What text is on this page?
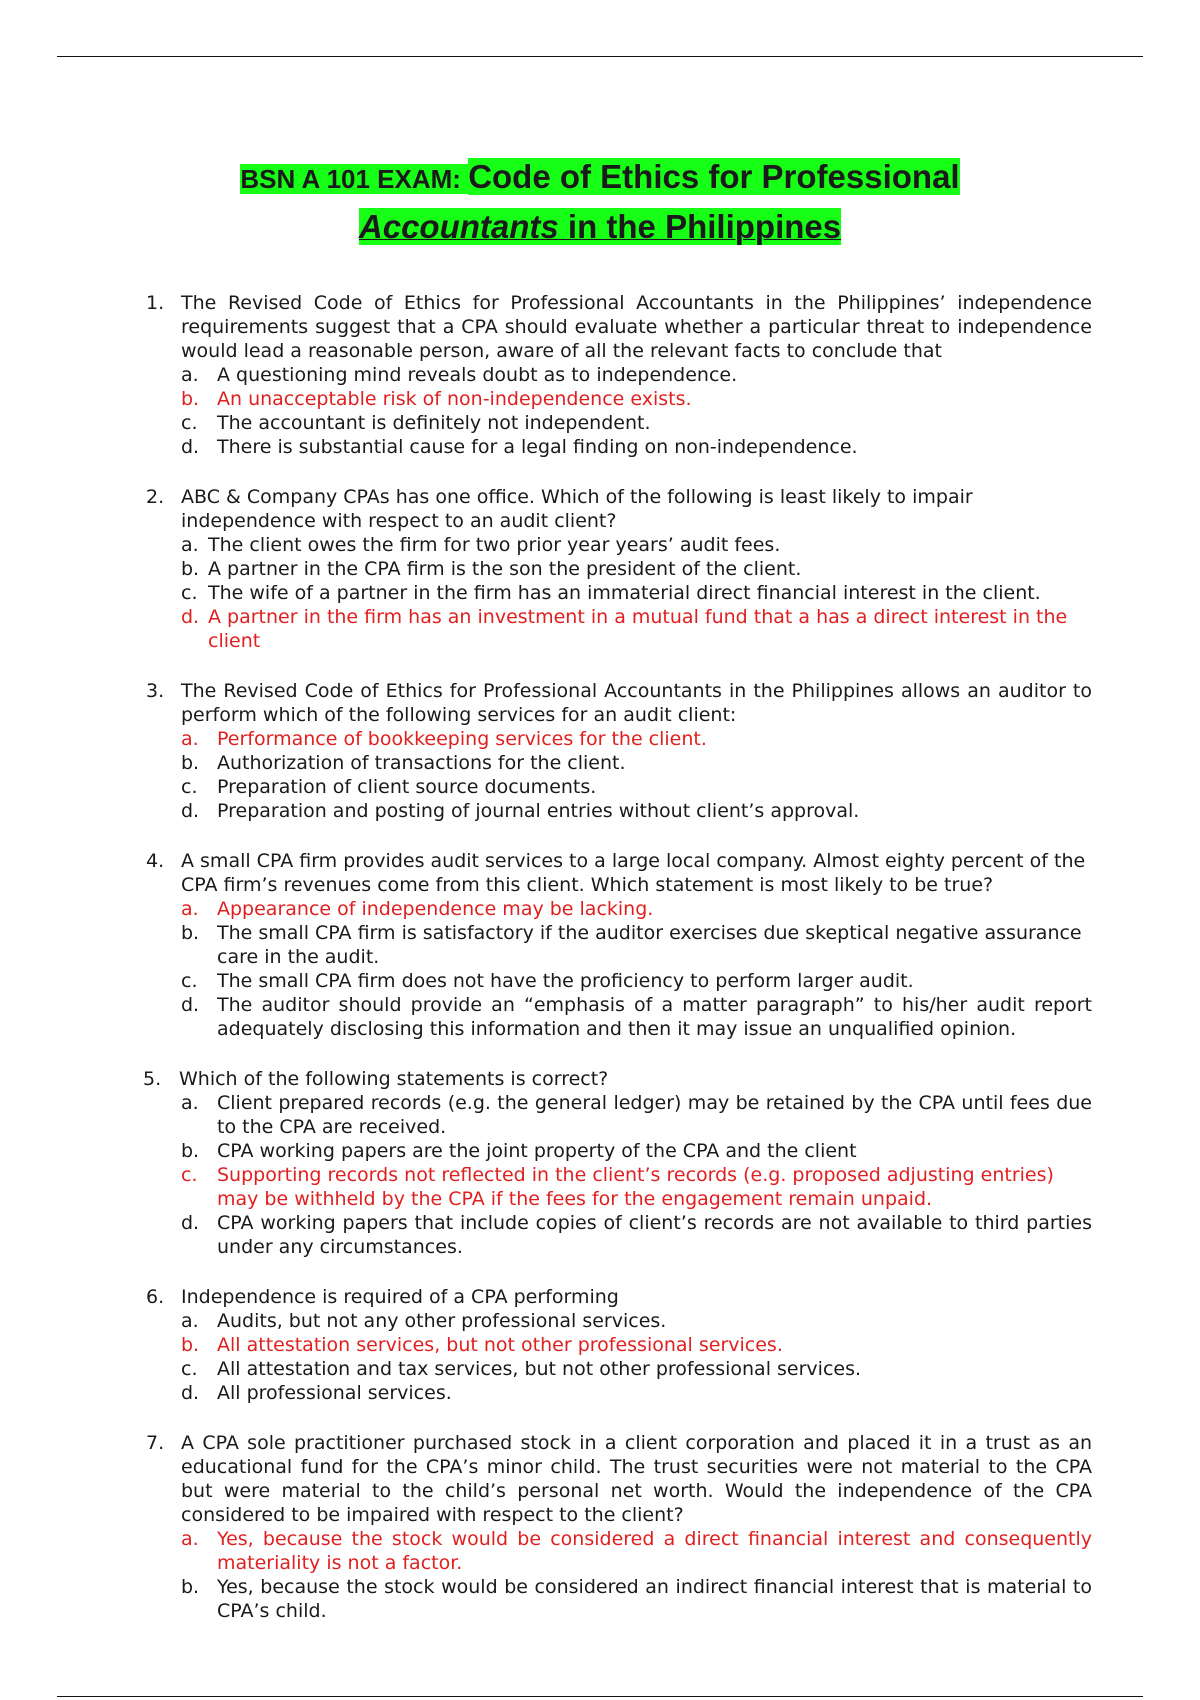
BSN A 101 EXAM: Code of Ethics for Professional
Accountants in the Philippines
1. The Revised Code of Ethics for Professional Accountants in the Philippines’ independence requirements suggest that a CPA should evaluate whether a particular threat to independence would lead a reasonable person, aware of all the relevant facts to conclude that
a. A questioning mind reveals doubt as to independence.
b. An unacceptable risk of non-independence exists.
c. The accountant is definitely not independent.
d. There is substantial cause for a legal finding on non-independence.
2. ABC & Company CPAs has one office. Which of the following is least likely to impair independence with respect to an audit client?
a. The client owes the firm for two prior year years’ audit fees.
b. A partner in the CPA firm is the son the president of the client.
c. The wife of a partner in the firm has an immaterial direct financial interest in the client.
d. A partner in the firm has an investment in a mutual fund that a has a direct interest in the client
3. The Revised Code of Ethics for Professional Accountants in the Philippines allows an auditor to perform which of the following services for an audit client:
a. Performance of bookkeeping services for the client.
b. Authorization of transactions for the client.
c. Preparation of client source documents.
d. Preparation and posting of journal entries without client’s approval.
4. A small CPA firm provides audit services to a large local company. Almost eighty percent of the CPA firm’s revenues come from this client. Which statement is most likely to be true?
a. Appearance of independence may be lacking.
b. The small CPA firm is satisfactory if the auditor exercises due skeptical negative assurance care in the audit.
c. The small CPA firm does not have the proficiency to perform larger audit.
d. The auditor should provide an “emphasis of a matter paragraph” to his/her audit report adequately disclosing this information and then it may issue an unqualified opinion.
5. Which of the following statements is correct?
a. Client prepared records (e.g. the general ledger) may be retained by the CPA until fees due to the CPA are received.
b. CPA working papers are the joint property of the CPA and the client
c. Supporting records not reflected in the client’s records (e.g. proposed adjusting entries) may be withheld by the CPA if the fees for the engagement remain unpaid.
d. CPA working papers that include copies of client’s records are not available to third parties under any circumstances.
6. Independence is required of a CPA performing
a. Audits, but not any other professional services.
b. All attestation services, but not other professional services.
c. All attestation and tax services, but not other professional services.
d. All professional services.
7. A CPA sole practitioner purchased stock in a client corporation and placed it in a trust as an educational fund for the CPA’s minor child. The trust securities were not material to the CPA but were material to the child’s personal net worth. Would the independence of the CPA considered to be impaired with respect to the client?
a. Yes, because the stock would be considered a direct financial interest and consequently materiality is not a factor.
b. Yes, because the stock would be considered an indirect financial interest that is material to CPA’s child.
